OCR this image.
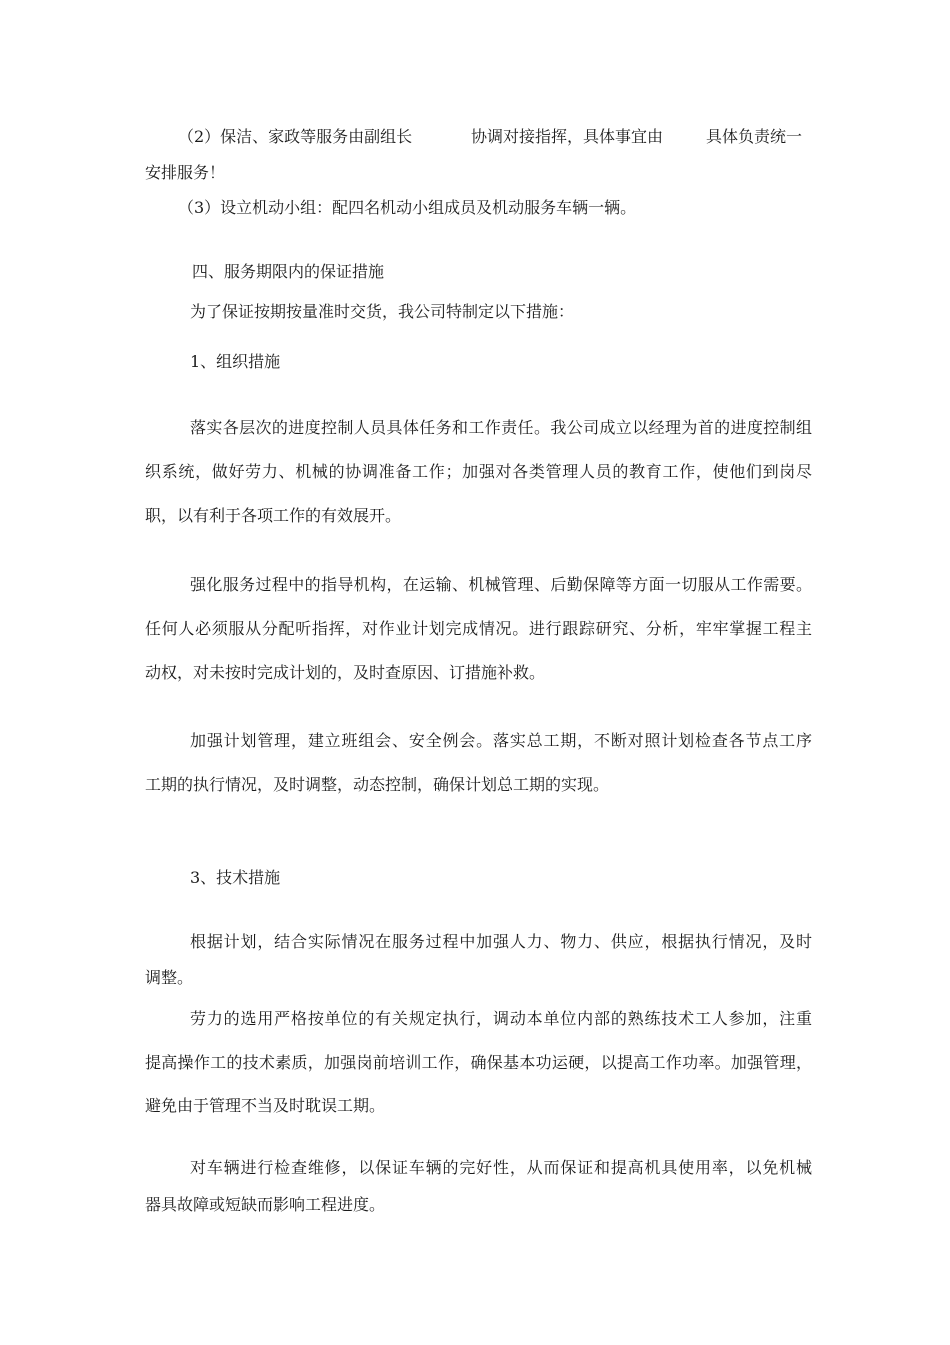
（2）保洁、家政等服务由副组长	协调对接指挥，具体事宜由	具体负责统一
安排服务！
（3）设立机动小组：配四名机动小组成员及机动服务车辆一辆。
四、服务期限内的保证措施
为了保证按期按量准时交货，我公司特制定以下措施：
1、组织措施
落实各层次的进度控制人员具体任务和工作责任。我公司成立以经理为首的进度控制组
织系统，做好劳力、机械的协调准备工作；加强对各类管理人员的教育工作，使他们到岗尽
职，以有利于各项工作的有效展开。
强化服务过程中的指导机构，在运输、机械管理、后勤保障等方面一切服从工作需要。
任何人必须服从分配听指挥，对作业计划完成情况。进行跟踪研究、分析，牢牢掌握工程主
动权，对未按时完成计划的，及时查原因、订措施补救。
加强计划管理，建立班组会、安全例会。落实总工期，不断对照计划检查各节点工序
工期的执行情况，及时调整，动态控制，确保计划总工期的实现。
3、技术措施
根据计划，结合实际情况在服务过程中加强人力、物力、供应，根据执行情况，及时
调整。
劳力的选用严格按单位的有关规定执行，调动本单位内部的熟练技术工人参加，注重
提高操作工的技术素质，加强岗前培训工作，确保基本功运硬，以提高工作功率。加强管理，
避免由于管理不当及时耽误工期。
对车辆进行检查维修，以保证车辆的完好性，从而保证和提高机具使用率，以免机械
器具故障或短缺而影响工程进度。
